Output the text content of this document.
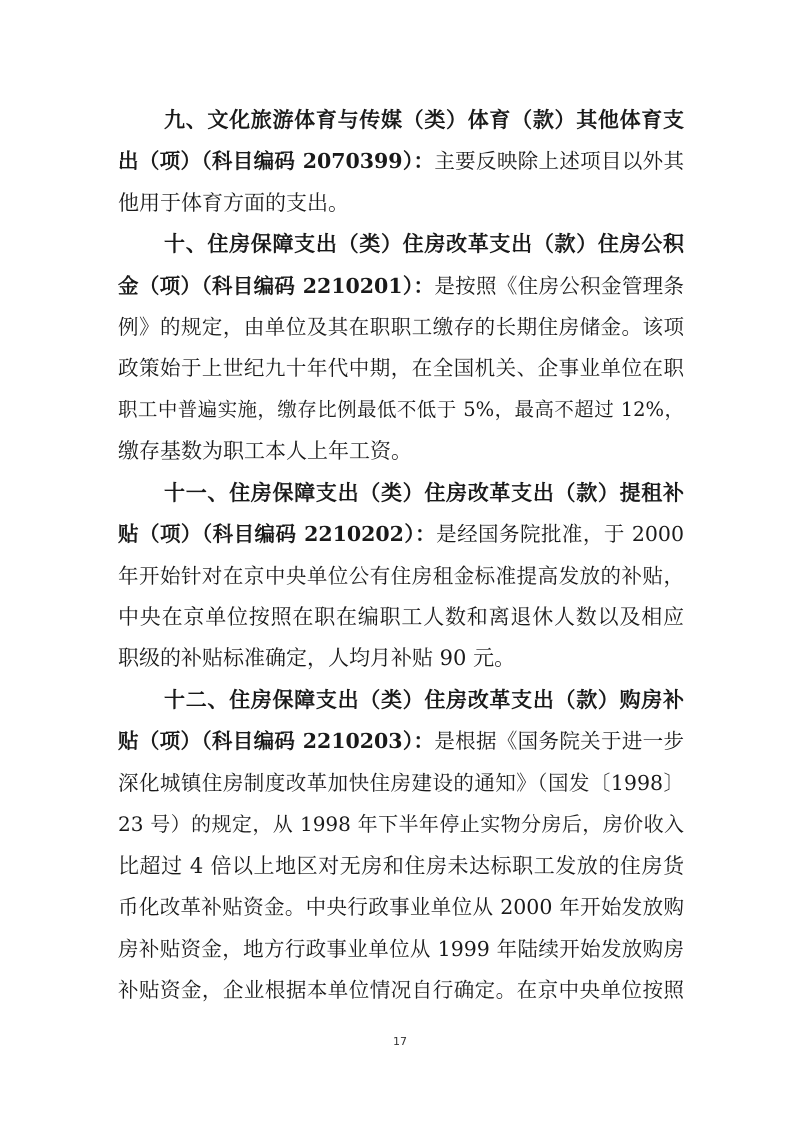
九、文化旅游体育与传媒（类）体育（款）其他体育支
出（项）（科目编码 2070399）：主要反映除上述项目以外其
他用于体育方面的支出。
十、住房保障支出（类）住房改革支出（款）住房公积
金（项）（科目编码 2210201）：是按照《住房公积金管理条
例》的规定，由单位及其在职职工缴存的长期住房储金。该项
政策始于上世纪九十年代中期，在全国机关、企事业单位在职
职工中普遍实施，缴存比例最低不低于 5%，最高不超过 12%，
缴存基数为职工本人上年工资。
十一、住房保障支出（类）住房改革支出（款）提租补
贴（项）（科目编码 2210202）：是经国务院批准，于 2000
年开始针对在京中央单位公有住房租金标准提高发放的补贴，
中央在京单位按照在职在编职工人数和离退休人数以及相应
职级的补贴标准确定，人均月补贴 90 元。
十二、住房保障支出（类）住房改革支出（款）购房补
贴（项）（科目编码 2210203）：是根据《国务院关于进一步
深化城镇住房制度改革加快住房建设的通知》（国发〔1998〕
23 号）的规定，从 1998 年下半年停止实物分房后，房价收入
比超过 4 倍以上地区对无房和住房未达标职工发放的住房货
币化改革补贴资金。中央行政事业单位从 2000 年开始发放购
房补贴资金，地方行政事业单位从 1999 年陆续开始发放购房
补贴资金，企业根据本单位情况自行确定。在京中央单位按照
17
